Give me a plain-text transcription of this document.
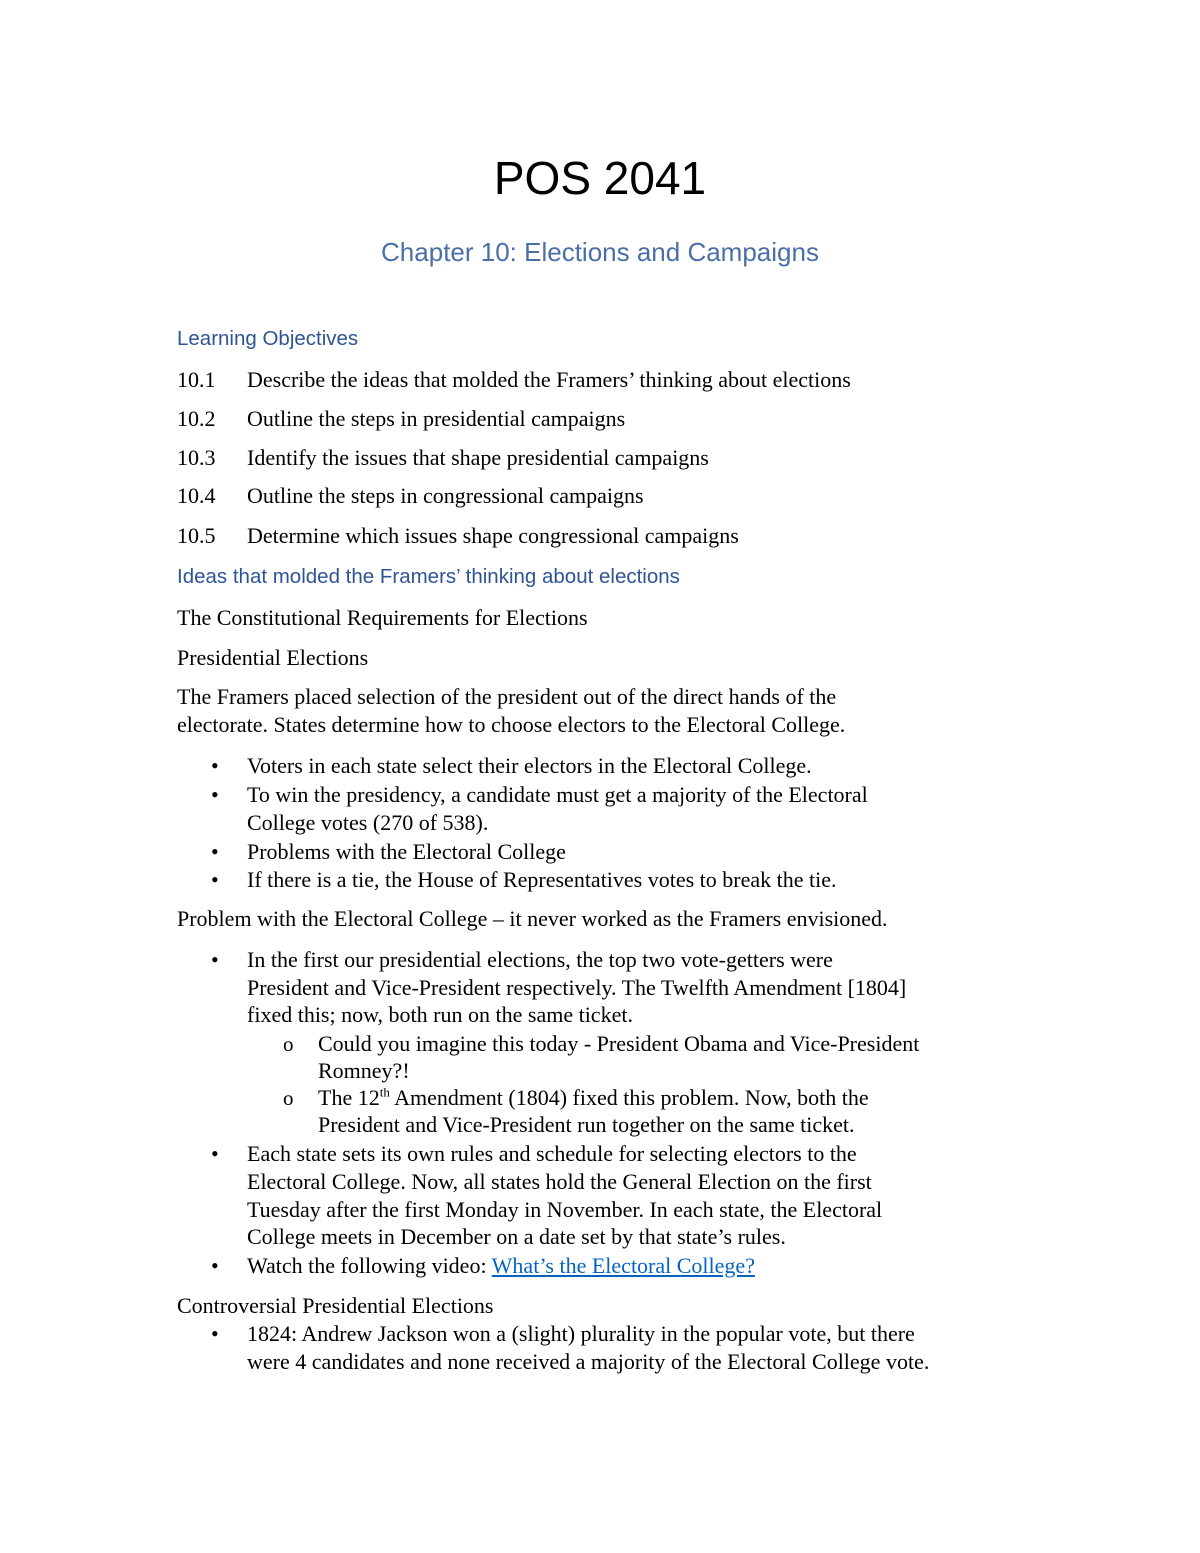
POS 2041
Chapter 10: Elections and Campaigns
Learning Objectives
10.1 Describe the ideas that molded the Framers’ thinking about elections
10.2 Outline the steps in presidential campaigns
10.3 Identify the issues that shape presidential campaigns
10.4 Outline the steps in congressional campaigns
10.5 Determine which issues shape congressional campaigns
Ideas that molded the Framers’ thinking about elections
The Constitutional Requirements for Elections
Presidential Elections
The Framers placed selection of the president out of the direct hands of the
electorate. States determine how to choose electors to the Electoral College.
• Voters in each state select their electors in the Electoral College.
• To win the presidency, a candidate must get a majority of the Electoral
College votes (270 of 538).
• Problems with the Electoral College
• If there is a tie, the House of Representatives votes to break the tie.
Problem with the Electoral College – it never worked as the Framers envisioned.
• In the first our presidential elections, the top two vote-getters were
President and Vice-President respectively. The Twelfth Amendment [1804]
fixed this; now, both run on the same ticket.
o Could you imagine this today - President Obama and Vice-President
Romney?!
o The 12th Amendment (1804) fixed this problem. Now, both the
President and Vice-President run together on the same ticket.
• Each state sets its own rules and schedule for selecting electors to the
Electoral College. Now, all states hold the General Election on the first
Tuesday after the first Monday in November. In each state, the Electoral
College meets in December on a date set by that state’s rules.
• Watch the following video: What’s the Electoral College?
Controversial Presidential Elections
• 1824: Andrew Jackson won a (slight) plurality in the popular vote, but there
were 4 candidates and none received a majority of the Electoral College vote.
